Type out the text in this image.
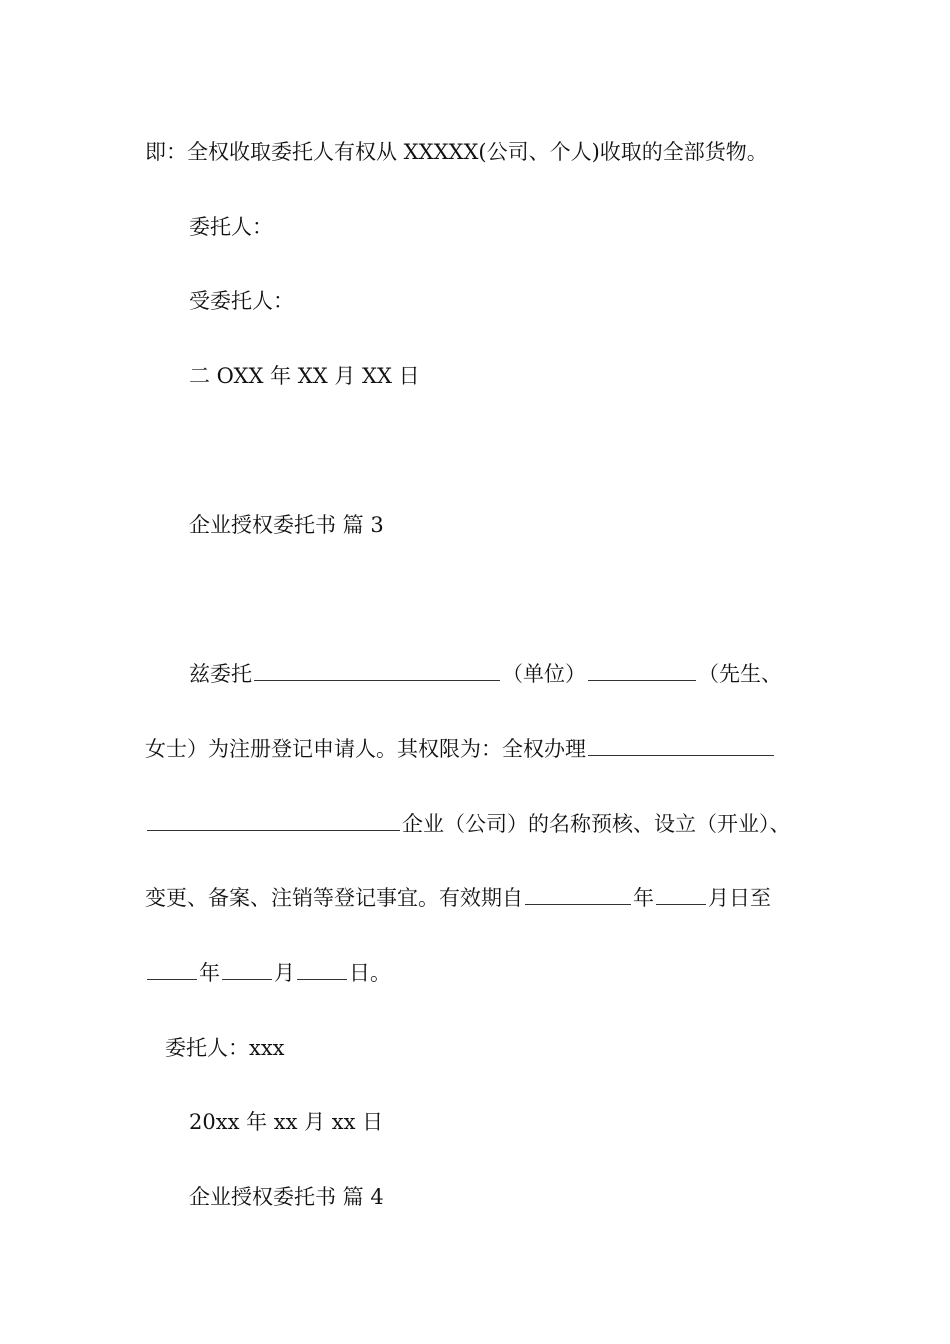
即：全权收取委托人有权从 XXXXX(公司、个人)收取的全部货物。
委托人：
受委托人：
二 OXX 年 XX 月 XX 日
企业授权委托书 篇 3
兹委托	（单位）	（先生、
女士）为注册登记申请人。其权限为：全权办理
企业（公司）的名称预核、设立（开业）、
变更、备案、注销等登记事宜。有效期自	年	月日至
年	月	日。
委托人：xxx
20xx 年 xx 月 xx 日
企业授权委托书 篇 4
